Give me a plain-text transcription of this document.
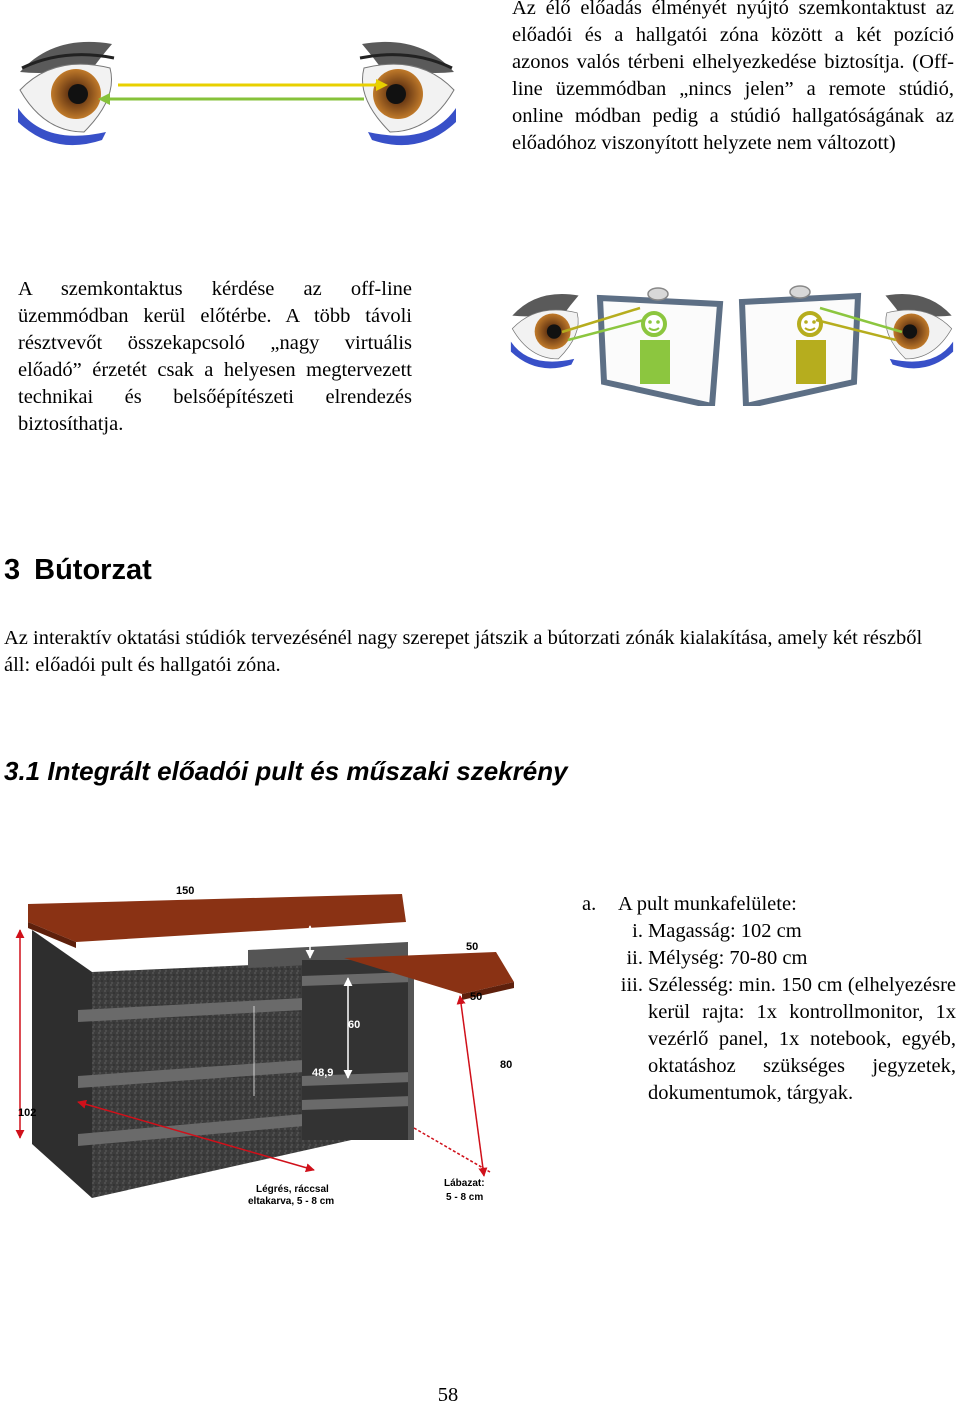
Az élő előadás élményét nyújtó szemkontaktust az előadói és a hallgatói zóna között a két pozíció azonos valós térbeni elhelyezkedése biztosítja. (Off-line üzemmódban „nincs jelen” a remote stúdió, online módban pedig a stúdió hallgatóságának az előadóhoz viszonyított helyzete nem változott)
A szemkontaktus kérdése az off-line üzemmódban kerül előtérbe. A több távoli résztvevőt összekapcsoló „nagy virtuális előadó” érzetét csak a helyesen megtervezett technikai és belsőépítészeti elrendezés biztosíthatja.
3 Bútorzat
Az interaktív oktatási stúdiók tervezésénél nagy szerepet játszik a bútorzati zónák kialakítása, amely két részből áll: előadói pult és hallgatói zóna.
3.1 Integrált előadói pult és műszaki szekrény
150
102
12	50
50
60
80
48,9
Légrés, ráccsal
eltakarva, 5 - 8 cm
Lábazat:
5 - 8 cm
a.	A pult munkafelülete:
i. Magasság: 102 cm
ii. Mélység: 70-80 cm
iii. Szélesség: min. 150 cm (elhelyezésre kerül rajta: 1x kontrollmonitor, 1x vezérlő panel, 1x notebook, egyéb, oktatáshoz szükséges jegyzetek, dokumentumok, tárgyak.
58
